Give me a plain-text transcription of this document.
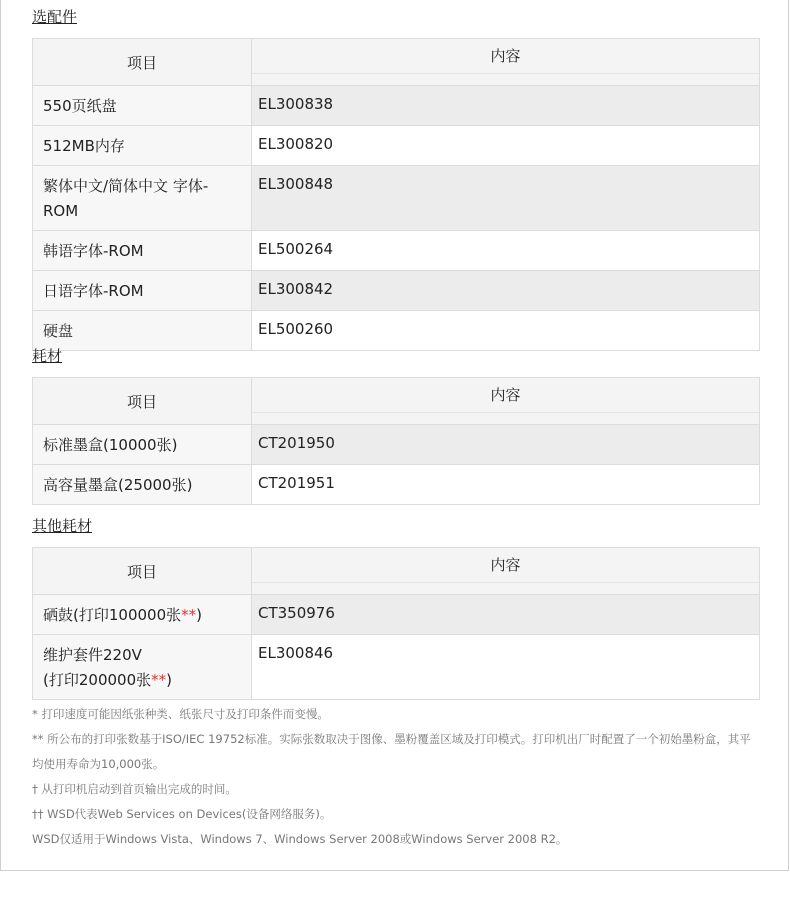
选配件
项目	内容

550页纸盘	EL300838
512MB内存	EL300820
繁体中文/简体中文 字体-ROM	EL300848
韩语字体-ROM	EL500264
日语字体-ROM	EL300842
硬盘	EL500260
耗材
项目	内容

标准墨盒(10000张)	CT201950
高容量墨盒(25000张)	CT201951
其他耗材
项目	内容

硒鼓(打印100000张**)	CT350976
维护套件220V
(打印200000张**)	EL300846
* 打印速度可能因纸张种类、纸张尺寸及打印条件而变慢。
** 所公布的打印张数基于ISO/IEC 19752标准。实际张数取决于图像、墨粉覆盖区域及打印模式。打印机出厂时配置了一个初始墨粉盒，其平均使用寿命为10,000张。
† 从打印机启动到首页输出完成的时间。
†† WSD代表Web Services on Devices(设备网络服务)。
WSD仅适用于Windows Vista、Windows 7、Windows Server 2008或Windows Server 2008 R2。
